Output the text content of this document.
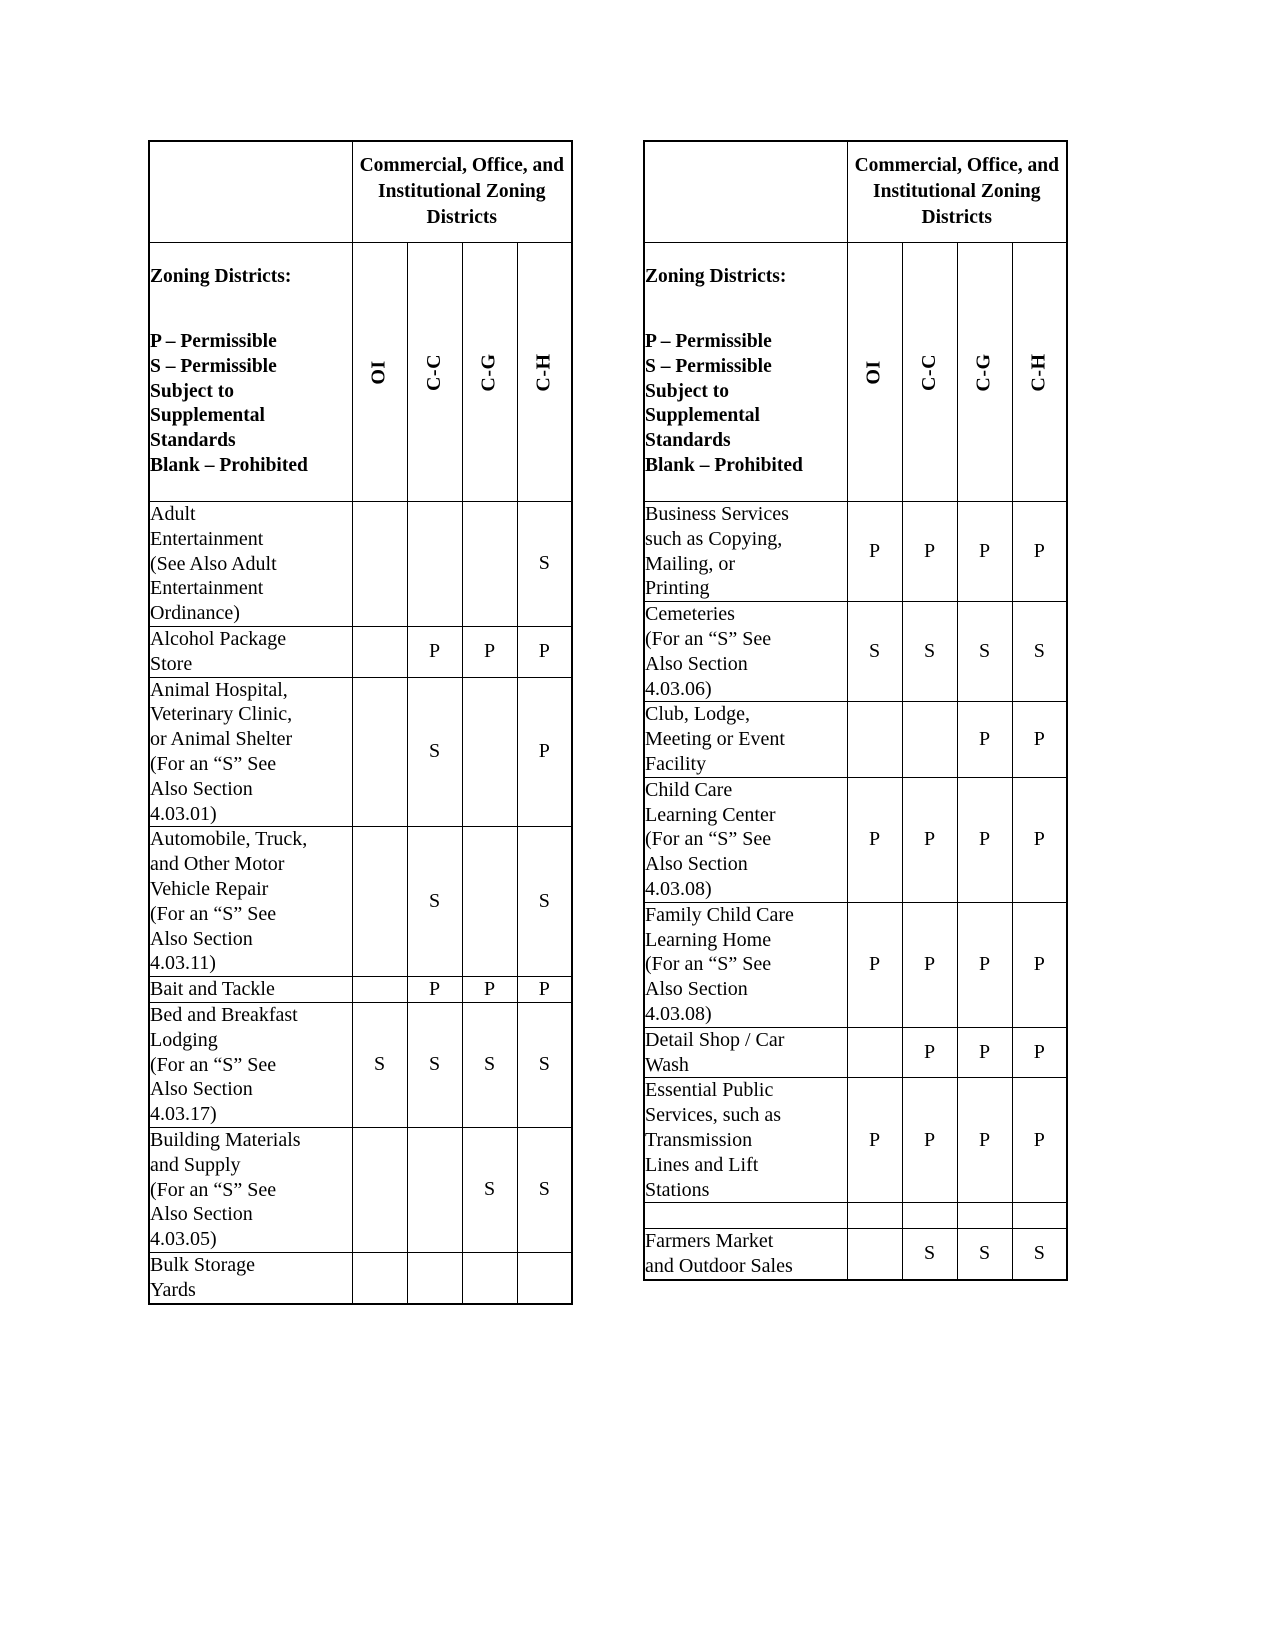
	Commercial, Office, and Institutional Zoning Districts			

Zoning Districts:
P – Permissible
S – Permissible
Subject to
Supplemental
Standards
Blank – Prohibited
	OI	C-C	C-G	C-H

Adult
Entertainment
(See Also Adult
Entertainment
Ordinance)				S

Alcohol Package
Store		P	P	P

Animal Hospital,
Veterinary Clinic,
or Animal Shelter
(For an “S” See
Also Section
4.03.01)
		S		P

Automobile, Truck,
and Other Motor
Vehicle Repair
(For an “S” See
Also Section
4.03.11)
		S		S

Bait and Tackle		P	P	P

Bed and Breakfast
Lodging
(For an “S” See
Also Section
4.03.17)	S	S	S	S

Building Materials
and Supply
(For an “S” See
Also Section
4.03.05)			S	S

Bulk Storage
Yards				

	Commercial, Office, and Institutional Zoning Districts			

Zoning Districts:
P – Permissible
S – Permissible
Subject to
Supplemental
Standards
Blank – Prohibited
	OI	C-C	C-G	C-H

Business Services
such as Copying,
Mailing, or
Printing	P	P	P	P

Cemeteries
(For an “S” See
Also Section
4.03.06)	S	S	S	S

Club, Lodge,
Meeting or Event
Facility			P	P

Child Care
Learning Center
(For an “S” See
Also Section
4.03.08)	P	P	P	P

Family Child Care
Learning Home
(For an “S” See
Also Section
4.03.08)	P	P	P	P

Detail Shop / Car
Wash		P	P	P

Essential Public
Services, such as
Transmission
Lines and Lift
Stations	P	P	P	P

Farmers Market
and Outdoor Sales		S	S	S
